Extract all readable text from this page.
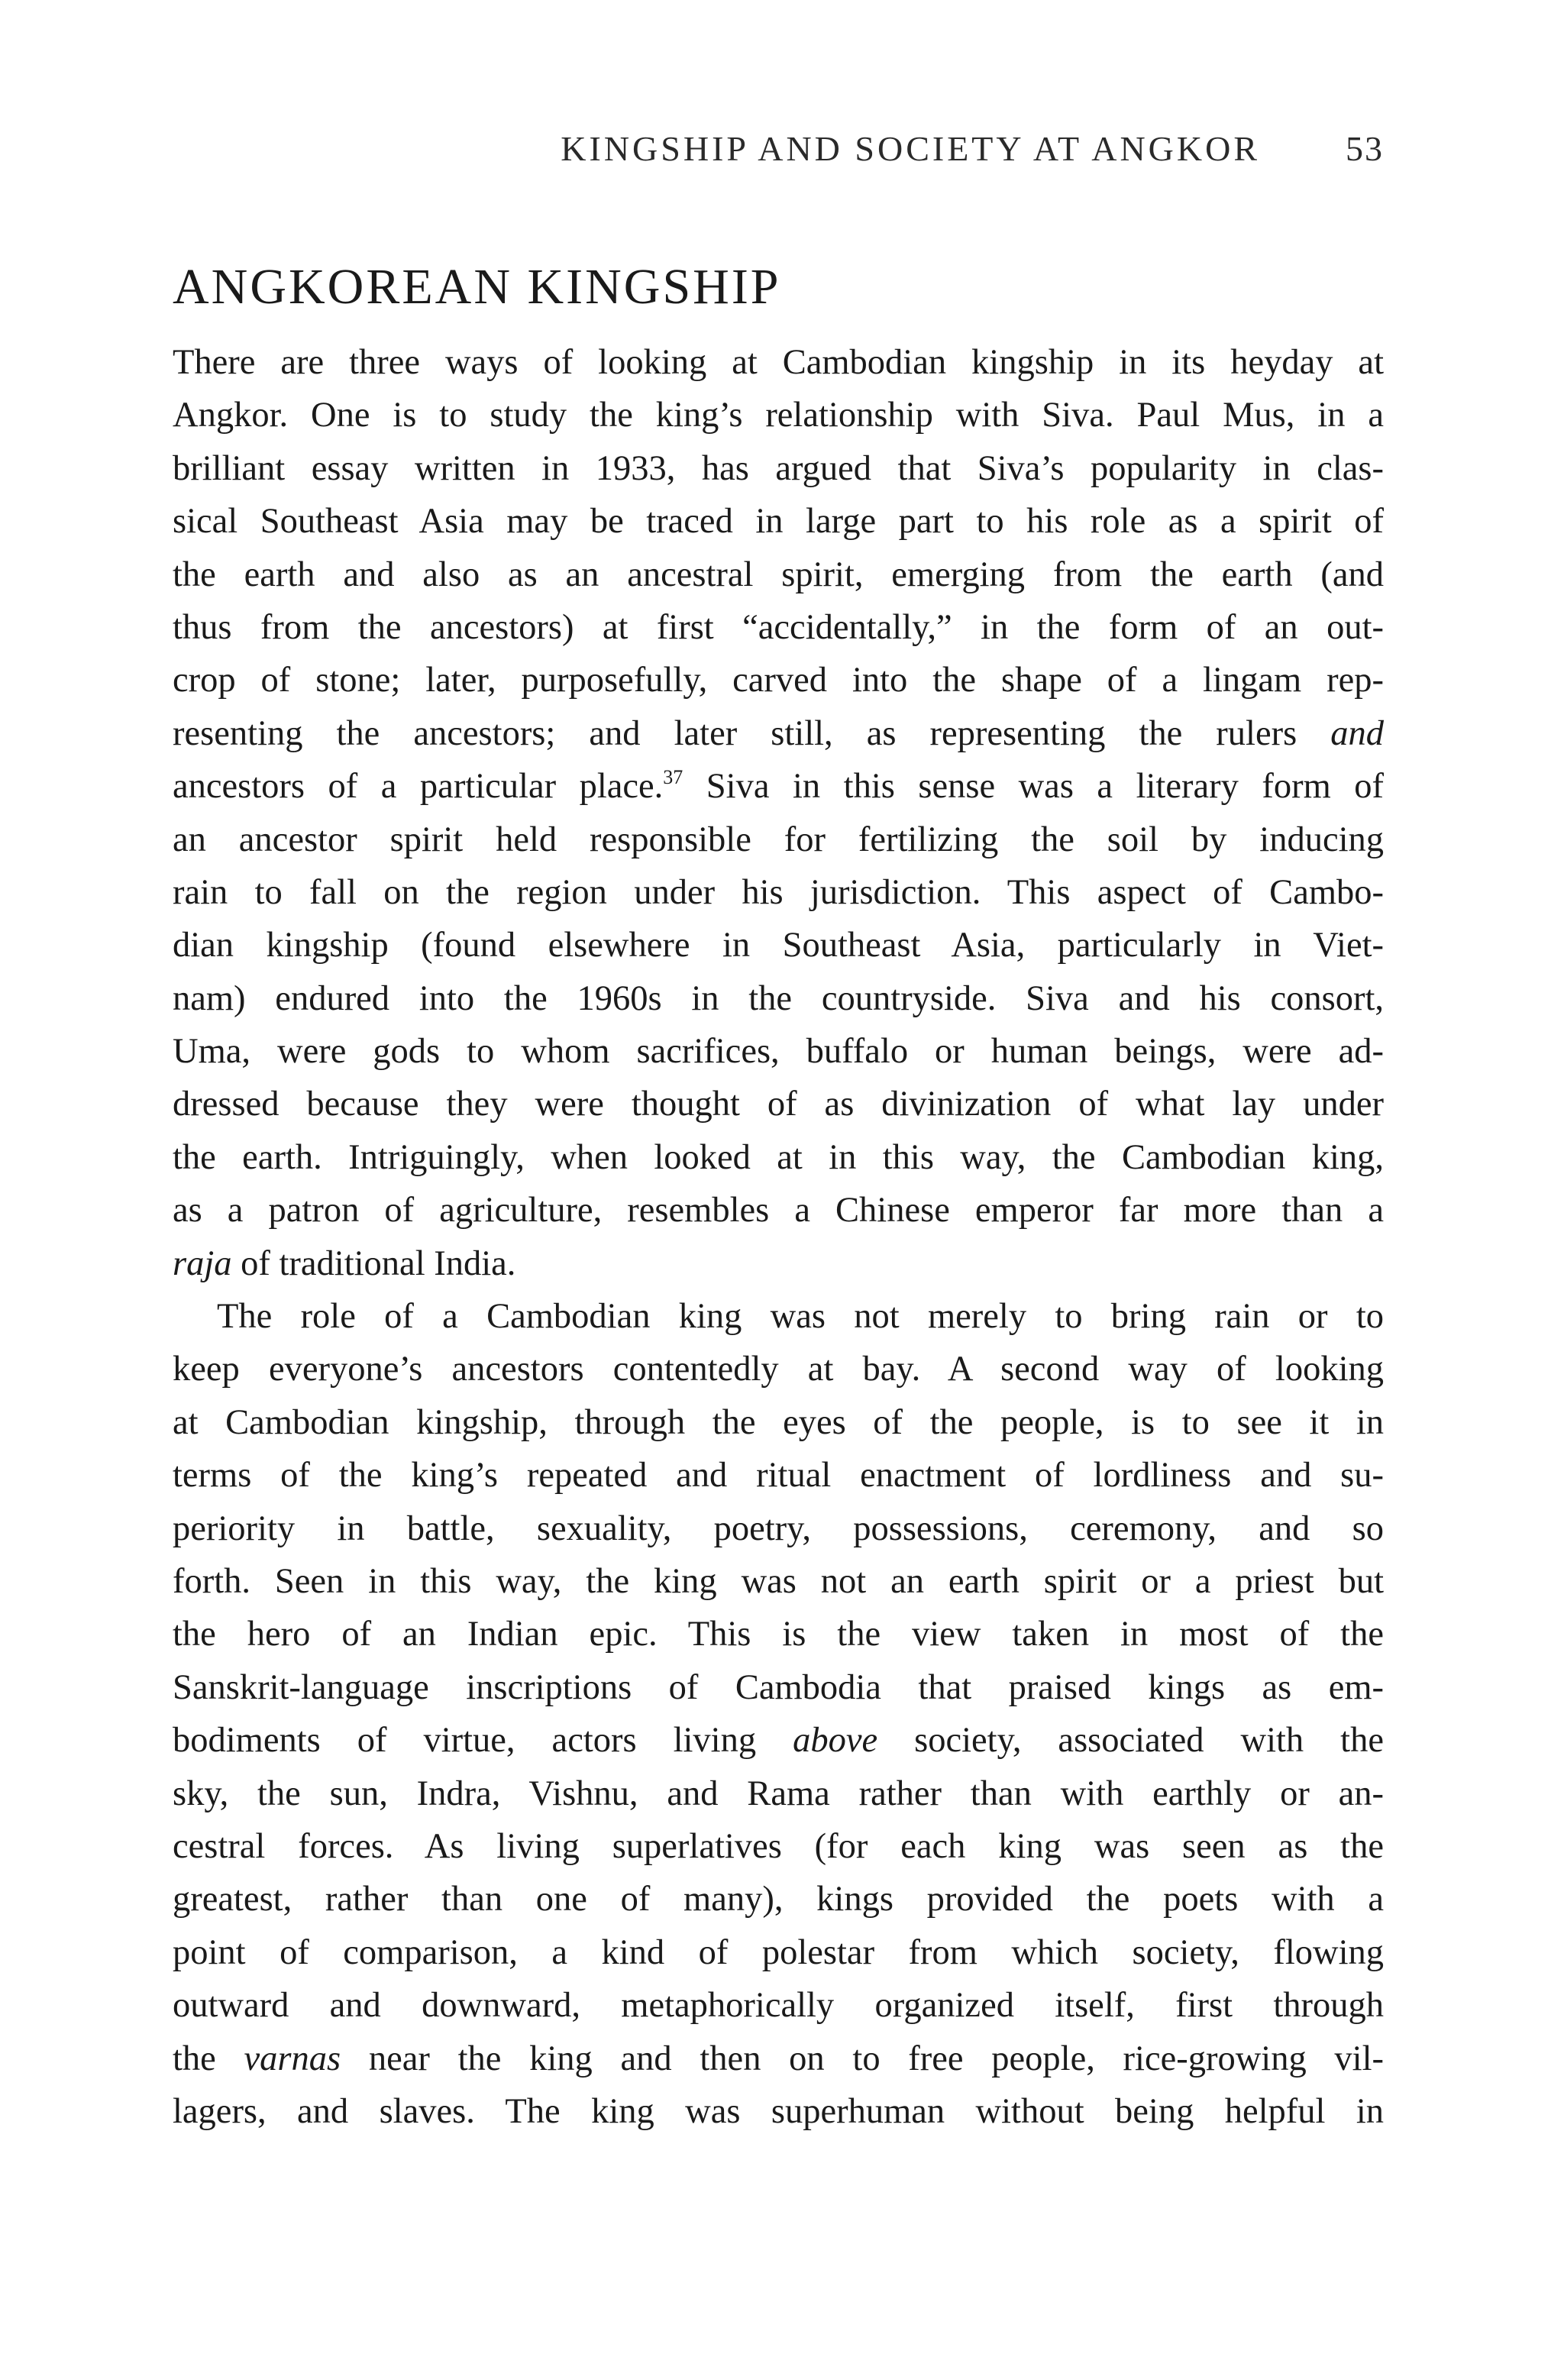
KINGSHIP AND SOCIETY AT ANGKOR 53
ANGKOREAN KINGSHIP
There are three ways of looking at Cambodian kingship in its heyday at
Angkor. One is to study the king’s relationship with Siva. Paul Mus, in a
brilliant essay written in 1933, has argued that Siva’s popularity in clas-
sical Southeast Asia may be traced in large part to his role as a spirit of
the earth and also as an ancestral spirit, emerging from the earth (and
thus from the ancestors) at first “accidentally,” in the form of an out-
crop of stone; later, purposefully, carved into the shape of a lingam rep-
resenting the ancestors; and later still, as representing the rulers and
ancestors of a particular place.$^{37}$ Siva in this sense was a literary form of
an ancestor spirit held responsible for fertilizing the soil by inducing
rain to fall on the region under his jurisdiction. This aspect of Cambo-
dian kingship (found elsewhere in Southeast Asia, particularly in Viet-
nam) endured into the 1960s in the countryside. Siva and his consort,
Uma, were gods to whom sacrifices, buffalo or human beings, were ad-
dressed because they were thought of as divinization of what lay under
the earth. Intriguingly, when looked at in this way, the Cambodian king,
as a patron of agriculture, resembles a Chinese emperor far more than a
raja of traditional India.
The role of a Cambodian king was not merely to bring rain or to
keep everyone’s ancestors contentedly at bay. A second way of looking
at Cambodian kingship, through the eyes of the people, is to see it in
terms of the king’s repeated and ritual enactment of lordliness and su-
periority in battle, sexuality, poetry, possessions, ceremony, and so
forth. Seen in this way, the king was not an earth spirit or a priest but
the hero of an Indian epic. This is the view taken in most of the
Sanskrit-language inscriptions of Cambodia that praised kings as em-
bodiments of virtue, actors living above society, associated with the
sky, the sun, Indra, Vishnu, and Rama rather than with earthly or an-
cestral forces. As living superlatives (for each king was seen as the
greatest, rather than one of many), kings provided the poets with a
point of comparison, a kind of polestar from which society, flowing
outward and downward, metaphorically organized itself, first through
the varnas near the king and then on to free people, rice-growing vil-
lagers, and slaves. The king was superhuman without being helpful in
